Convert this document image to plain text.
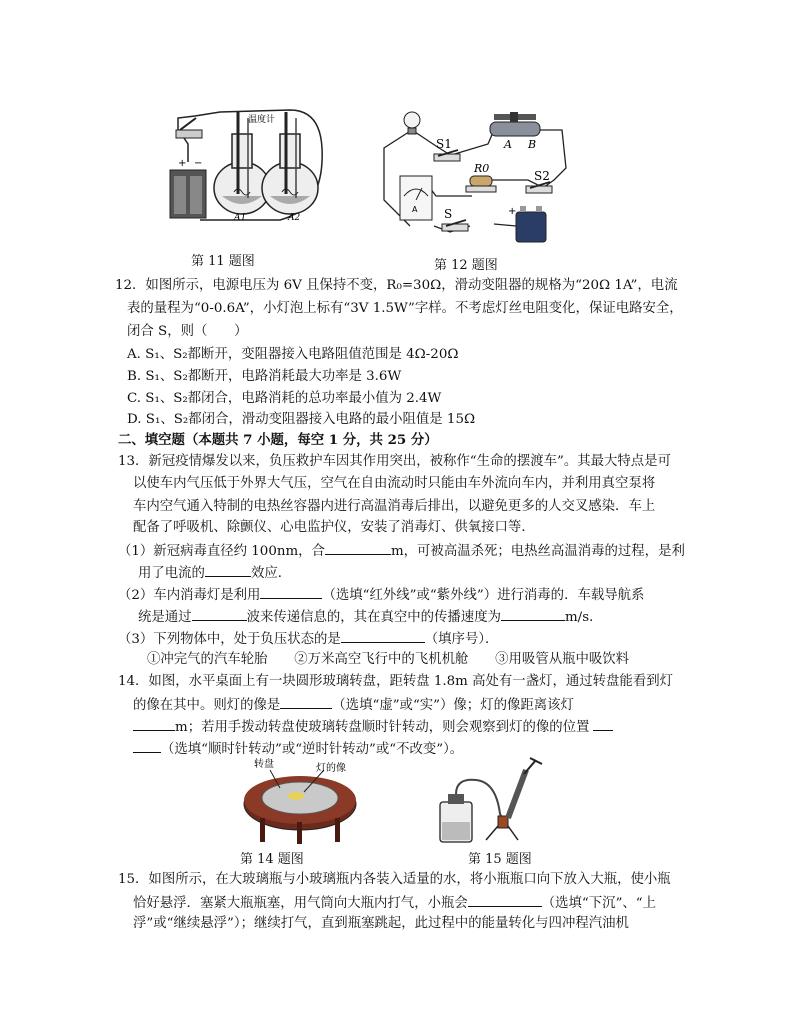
+ −
温度计
A1	A2
第 11 题图
A	+
S1
S2
S
R0
A B
第 12 题图
12．如图所示，电源电压为 6V 且保持不变，R₀=30Ω，滑动变阻器的规格为“20Ω 1A”，电流
表的量程为“0-0.6A”，小灯泡上标有“3V 1.5W”字样。不考虑灯丝电阻变化，保证电路安全，
闭合 S，则（　　）
A. S₁、S₂都断开，变阻器接入电路阻值范围是 4Ω-20Ω
B. S₁、S₂都断开，电路消耗最大功率是 3.6W
C. S₁、S₂都闭合，电路消耗的总功率最小值为 2.4W
D. S₁、S₂都闭合，滑动变阻器接入电路的最小阻值是 15Ω
二、填空题（本题共 7 小题，每空 1 分，共 25 分）
13．新冠疫情爆发以来，负压救护车因其作用突出，被称作“生命的摆渡车”。其最大特点是可
以使车内气压低于外界大气压，空气在自由流动时只能由车外流向车内，并利用真空泵将
车内空气通入特制的电热丝容器内进行高温消毒后排出，以避免更多的人交叉感染．车上
配备了呼吸机、除颤仪、心电监护仪，安装了消毒灯、供氧接口等．
（1）新冠病毒直径约 100nm，合	m，可被高温杀死；电热丝高温消毒的过程，是利
用了电流的	效应．
（2）车内消毒灯是利用	（选填“红外线”或“紫外线”）进行消毒的．车载导航系
统是通过	波来传递信息的，其在真空中的传播速度为	m/s．
（3）下列物体中，处于负压状态的是	（填序号）．
①冲完气的汽车轮胎　　②万米高空飞行中的飞机机舱　　③用吸管从瓶中吸饮料
14．如图，水平桌面上有一块圆形玻璃转盘，距转盘 1.8m 高处有一盏灯，通过转盘能看到灯
的像在其中。则灯的像是	（选填“虚”或“实”）像；灯的像距离该灯
m；若用手拨动转盘使玻璃转盘顺时针转动，则会观察到灯的像的位置
（选填“顺时针转动”或“逆时针转动”或“不改变”）。
转盘	灯的像
第 14 题图	第 15 题图
15．如图所示，在大玻璃瓶与小玻璃瓶内各装入适量的水，将小瓶瓶口向下放入大瓶，使小瓶
恰好悬浮．塞紧大瓶瓶塞，用气筒向大瓶内打气，小瓶会	（选填“下沉”、“上
浮”或“继续悬浮”）；继续打气，直到瓶塞跳起，此过程中的能量转化与四冲程汽油机
